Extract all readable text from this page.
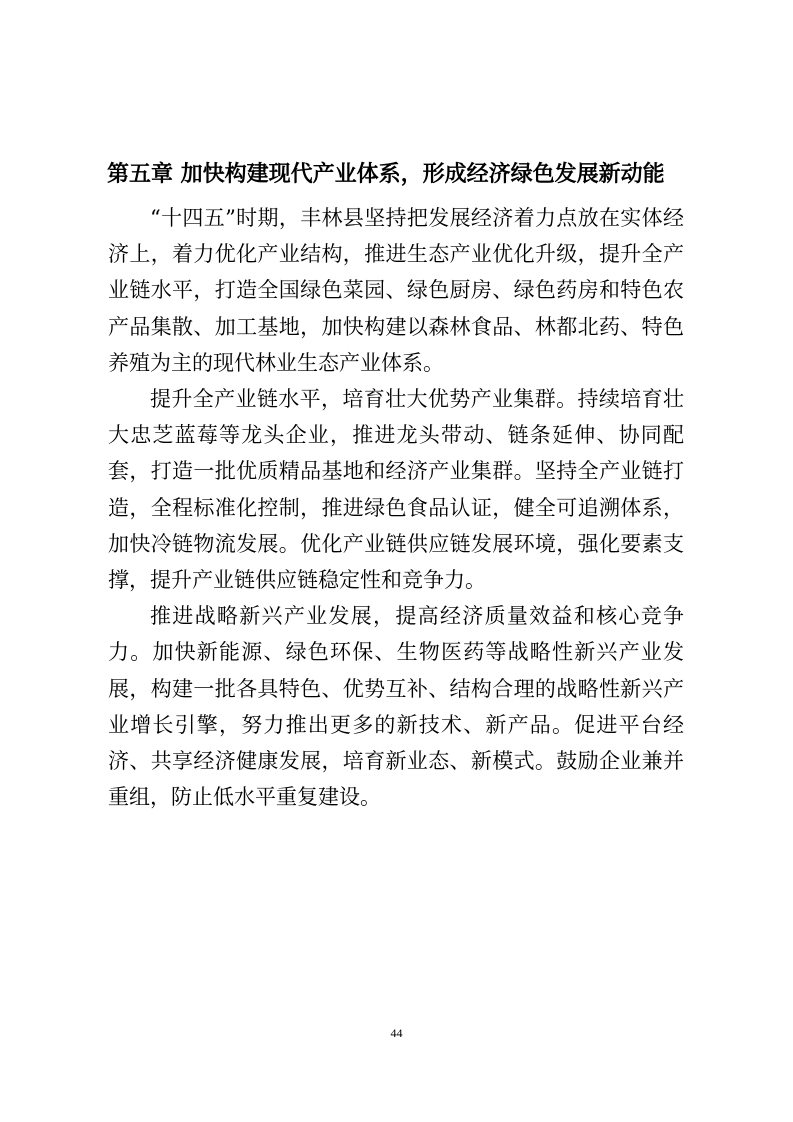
第五章 加快构建现代产业体系，形成经济绿色发展新动能

“十四五”时期，丰林县坚持把发展经济着力点放在实体经济上，着力优化产业结构，推进生态产业优化升级，提升全产业链水平，打造全国绿色菜园、绿色厨房、绿色药房和特色农产品集散、加工基地，加快构建以森林食品、林都北药、特色养殖为主的现代林业生态产业体系。

提升全产业链水平，培育壮大优势产业集群。持续培育壮大忠芝蓝莓等龙头企业，推进龙头带动、链条延伸、协同配套，打造一批优质精品基地和经济产业集群。坚持全产业链打造，全程标准化控制，推进绿色食品认证，健全可追溯体系，加快冷链物流发展。优化产业链供应链发展环境，强化要素支撑，提升产业链供应链稳定性和竞争力。

推进战略新兴产业发展，提高经济质量效益和核心竞争力。加快新能源、绿色环保、生物医药等战略性新兴产业发展，构建一批各具特色、优势互补、结构合理的战略性新兴产业增长引擎，努力推出更多的新技术、新产品。促进平台经济、共享经济健康发展，培育新业态、新模式。鼓励企业兼并重组，防止低水平重复建设。

44
